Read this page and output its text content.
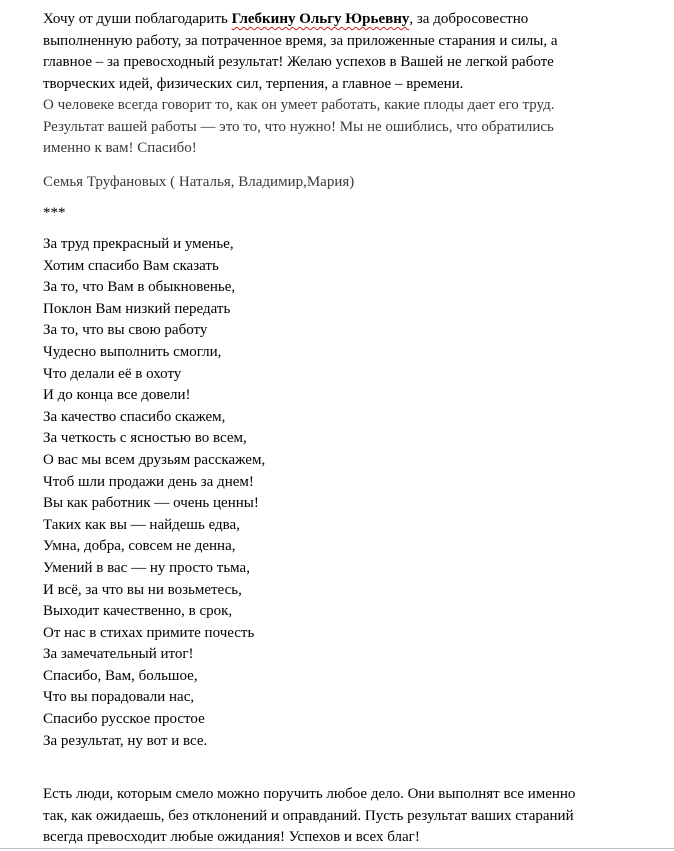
Хочу от души поблагодарить Глебкину Ольгу Юрьевну, за добросовестно
выполненную работу, за потраченное время, за приложенные старания и силы, а
главное – за превосходный результат! Желаю успехов в Вашей не легкой работе
творческих идей, физических сил, терпения, а главное – времени.
О человеке всегда говорит то, как он умеет работать, какие плоды дает его труд.
Результат вашей работы — это то, что нужно! Мы не ошиблись, что обратились
именно к вам! Спасибо!
Семья Труфановых ( Наталья, Владимир,Мария)
***
За труд прекрасный и уменье,
Хотим спасибо Вам сказать
За то, что Вам в обыкновенье,
Поклон Вам низкий передать
За то, что вы свою работу
Чудесно выполнить смогли,
Что делали её в охоту
И до конца все довели!
За качество спасибо скажем,
За четкость с ясностью во всем,
О вас мы всем друзьям расскажем,
Чтоб шли продажи день за днем!
Вы как работник — очень ценны!
Таких как вы — найдешь едва,
Умна, добра, совсем не денна,
Умений в вас — ну просто тьма,
И всё, за что вы ни возьметесь,
Выходит качественно, в срок,
От нас в стихах примите почесть
За замечательный итог!
Спасибо, Вам, большое,
Что вы порадовали нас,
Спасибо русское простое
За результат, ну вот и все.
Есть люди, которым смело можно поручить любое дело. Они выполнят все именно
так, как ожидаешь, без отклонений и оправданий. Пусть результат ваших стараний
всегда превосходит любые ожидания! Успехов и всех благ!
